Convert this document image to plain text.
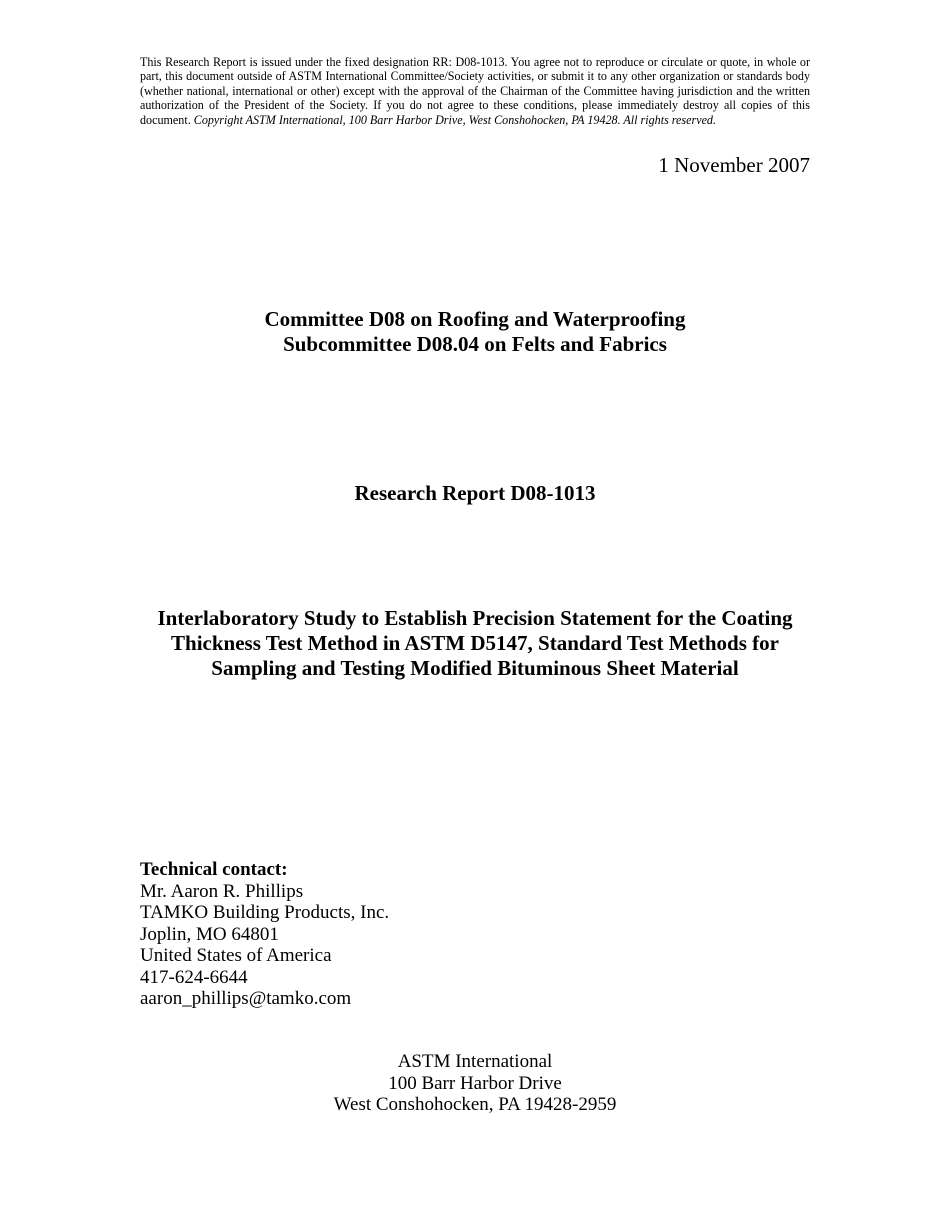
This Research Report is issued under the fixed designation RR: D08-1013. You agree not to reproduce or circulate or quote, in whole or part, this document outside of ASTM International Committee/Society activities, or submit it to any other organization or standards body (whether national, international or other) except with the approval of the Chairman of the Committee having jurisdiction and the written authorization of the President of the Society. If you do not agree to these conditions, please immediately destroy all copies of this document. Copyright ASTM International, 100 Barr Harbor Drive, West Conshohocken, PA 19428. All rights reserved.
1 November 2007
Committee D08 on Roofing and Waterproofing
Subcommittee D08.04 on Felts and Fabrics
Research Report D08-1013
Interlaboratory Study to Establish Precision Statement for the Coating
Thickness Test Method in ASTM D5147, Standard Test Methods for
Sampling and Testing Modified Bituminous Sheet Material
Technical contact:
Mr. Aaron R. Phillips
TAMKO Building Products, Inc.
Joplin, MO 64801
United States of America
417-624-6644
aaron_phillips@tamko.com
ASTM International
100 Barr Harbor Drive
West Conshohocken, PA 19428-2959
